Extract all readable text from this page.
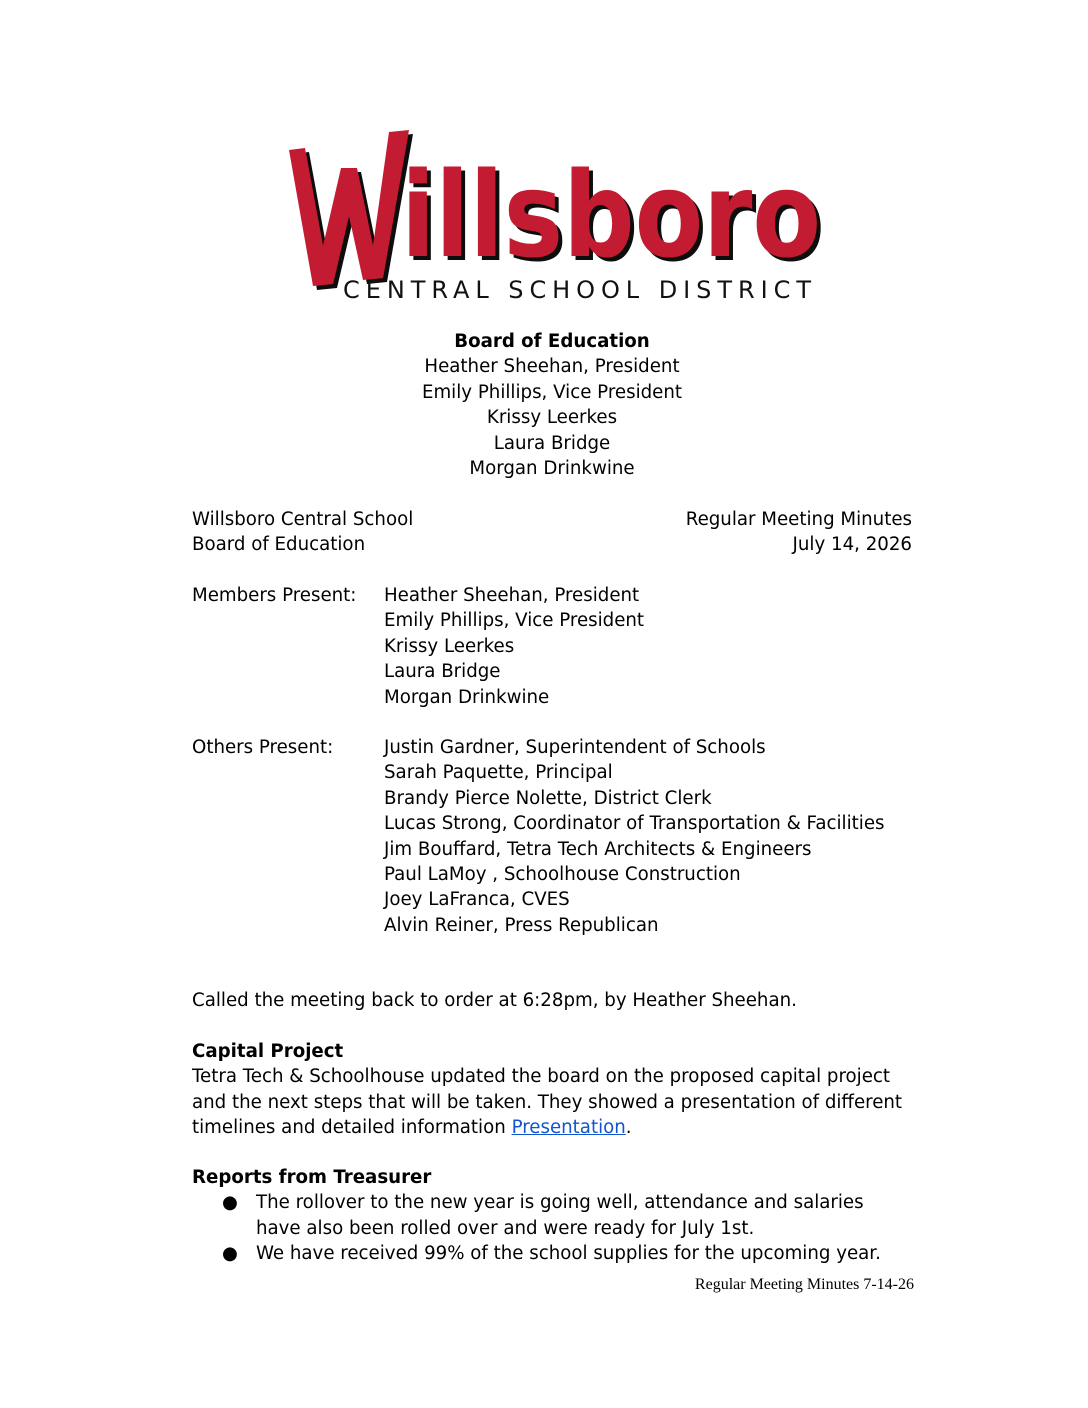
illsboro
CENTRAL SCHOOL DISTRICT
Board of Education
Heather Sheehan, President
Emily Phillips, Vice President
Krissy Leerkes
Laura Bridge
Morgan Drinkwine
Willsboro Central School	Regular Meeting Minutes
Board of Education	July 14, 2026
Members Present:	Heather Sheehan, President
Emily Phillips, Vice President
Krissy Leerkes
Laura Bridge
Morgan Drinkwine
Others Present:	Justin Gardner, Superintendent of Schools
Sarah Paquette, Principal
Brandy Pierce Nolette, District Clerk
Lucas Strong, Coordinator of Transportation & Facilities
Jim Bouffard, Tetra Tech Architects & Engineers
Paul LaMoy , Schoolhouse Construction
Joey LaFranca, CVES
Alvin Reiner, Press Republican
Called the meeting back to order at 6:28pm, by Heather Sheehan.
Capital Project
Tetra Tech & Schoolhouse updated the board on the proposed capital project and the next steps that will be taken. They showed a presentation of different timelines and detailed information Presentation.
Reports from Treasurer
● The rollover to the new year is going well, attendance and salaries have also been rolled over and were ready for July 1st.
● We have received 99% of the school supplies for the upcoming year.
Regular Meeting Minutes 7-14-26
